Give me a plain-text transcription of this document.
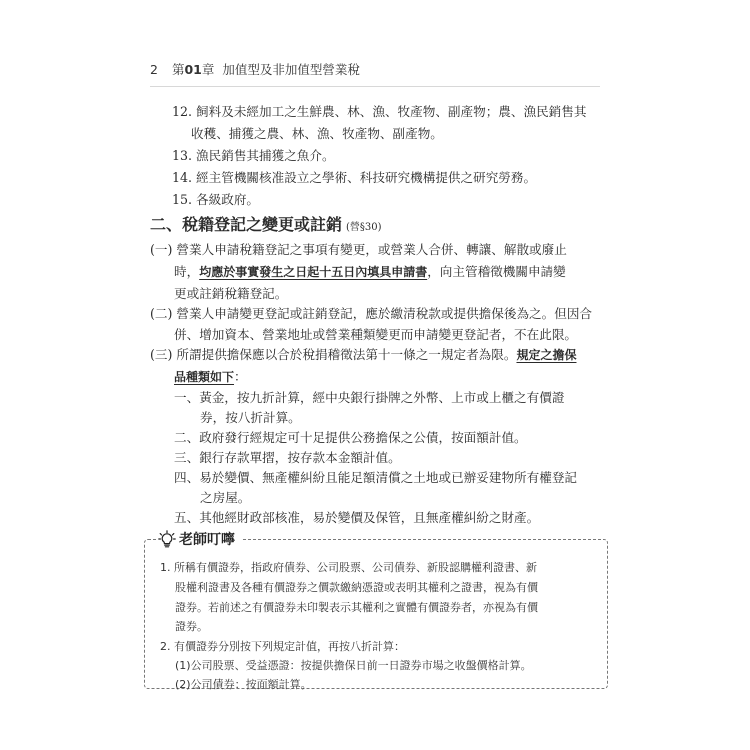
2 第01章 加值型及非加值型營業稅
12. 飼料及未經加工之生鮮農、林、漁、牧產物、副產物；農、漁民銷售其
收穫、捕獲之農、林、漁、牧產物、副產物。
13. 漁民銷售其捕獲之魚介。
14. 經主管機關核准設立之學術、科技研究機構提供之研究勞務。
15. 各級政府。
二、稅籍登記之變更或註銷 (營§30)
(一) 營業人申請稅籍登記之事項有變更，或營業人合併、轉讓、解散或廢止
時，均應於事實發生之日起十五日內填具申請書，向主管稽徵機關申請變
更或註銷稅籍登記。
(二) 營業人申請變更登記或註銷登記，應於繳清稅款或提供擔保後為之。但因合
併、增加資本、營業地址或營業種類變更而申請變更登記者，不在此限。
(三) 所謂提供擔保應以合於稅捐稽徵法第十一條之一規定者為限。規定之擔保
品種類如下：
一、黃金，按九折計算，經中央銀行掛牌之外幣、上市或上櫃之有價證
券，按八折計算。
二、政府發行經規定可十足提供公務擔保之公債，按面額計值。
三、銀行存款單摺，按存款本金額計值。
四、易於變價、無產權糾紛且能足額清償之土地或已辦妥建物所有權登記
之房屋。
五、其他經財政部核准，易於變價及保管，且無產權糾紛之財產。
老師叮嚀
1. 所稱有價證券，指政府債券、公司股票、公司債券、新股認購權利證書、新
股權利證書及各種有價證券之價款繳納憑證或表明其權利之證書，視為有價
證券。若前述之有價證券未印製表示其權利之實體有價證券者，亦視為有價
證券。
2. 有價證券分別按下列規定計值，再按八折計算：
(1)公司股票、受益憑證：按提供擔保日前一日證券市場之收盤價格計算。
(2)公司債券：按面額計算。
